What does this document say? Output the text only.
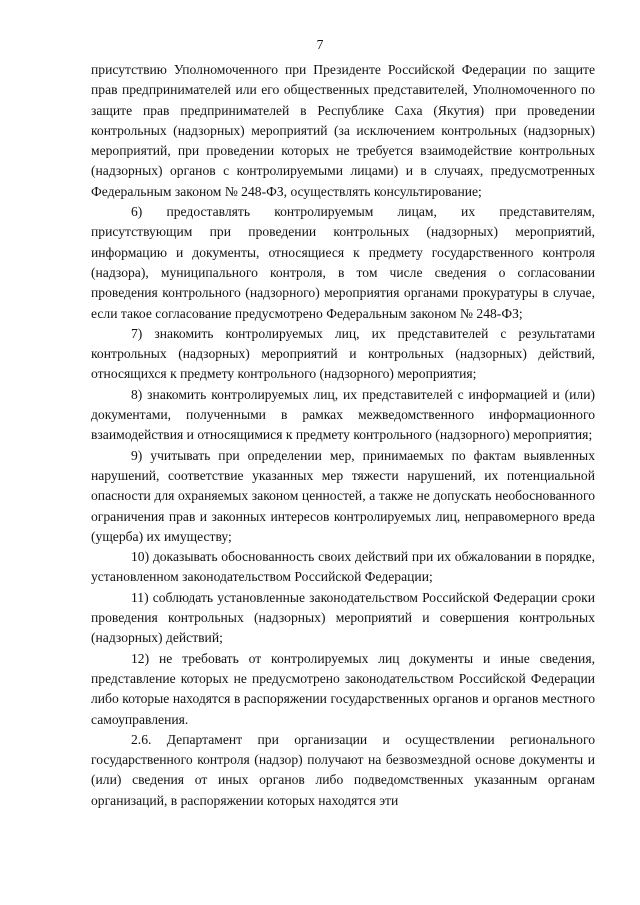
7

присутствию Уполномоченного при Президенте Российской Федерации по защите прав предпринимателей или его общественных представителей, Уполномоченного по защите прав предпринимателей в Республике Саха (Якутия) при проведении контрольных (надзорных) мероприятий (за исключением контрольных (надзорных) мероприятий, при проведении которых не требуется взаимодействие контрольных (надзорных) органов с контролируемыми лицами) и в случаях, предусмотренных Федеральным законом № 248-ФЗ, осуществлять консультирование;

6) предоставлять контролируемым лицам, их представителям, присутствующим при проведении контрольных (надзорных) мероприятий, информацию и документы, относящиеся к предмету государственного контроля (надзора), муниципального контроля, в том числе сведения о согласовании проведения контрольного (надзорного) мероприятия органами прокуратуры в случае, если такое согласование предусмотрено Федеральным законом № 248-ФЗ;

7) знакомить контролируемых лиц, их представителей с результатами контрольных (надзорных) мероприятий и контрольных (надзорных) действий, относящихся к предмету контрольного (надзорного) мероприятия;

8) знакомить контролируемых лиц, их представителей с информацией и (или) документами, полученными в рамках межведомственного информационного взаимодействия и относящимися к предмету контрольного (надзорного) мероприятия;

9) учитывать при определении мер, принимаемых по фактам выявленных нарушений, соответствие указанных мер тяжести нарушений, их потенциальной опасности для охраняемых законом ценностей, а также не допускать необоснованного ограничения прав и законных интересов контролируемых лиц, неправомерного вреда (ущерба) их имуществу;

10) доказывать обоснованность своих действий при их обжаловании в порядке, установленном законодательством Российской Федерации;

11) соблюдать установленные законодательством Российской Федерации сроки проведения контрольных (надзорных) мероприятий и совершения контрольных (надзорных) действий;

12) не требовать от контролируемых лиц документы и иные сведения, представление которых не предусмотрено законодательством Российской Федерации либо которые находятся в распоряжении государственных органов и органов местного самоуправления.

2.6. Департамент при организации и осуществлении регионального государственного контроля (надзор) получают на безвозмездной основе документы и (или) сведения от иных органов либо подведомственных указанным органам организаций, в распоряжении которых находятся эти
